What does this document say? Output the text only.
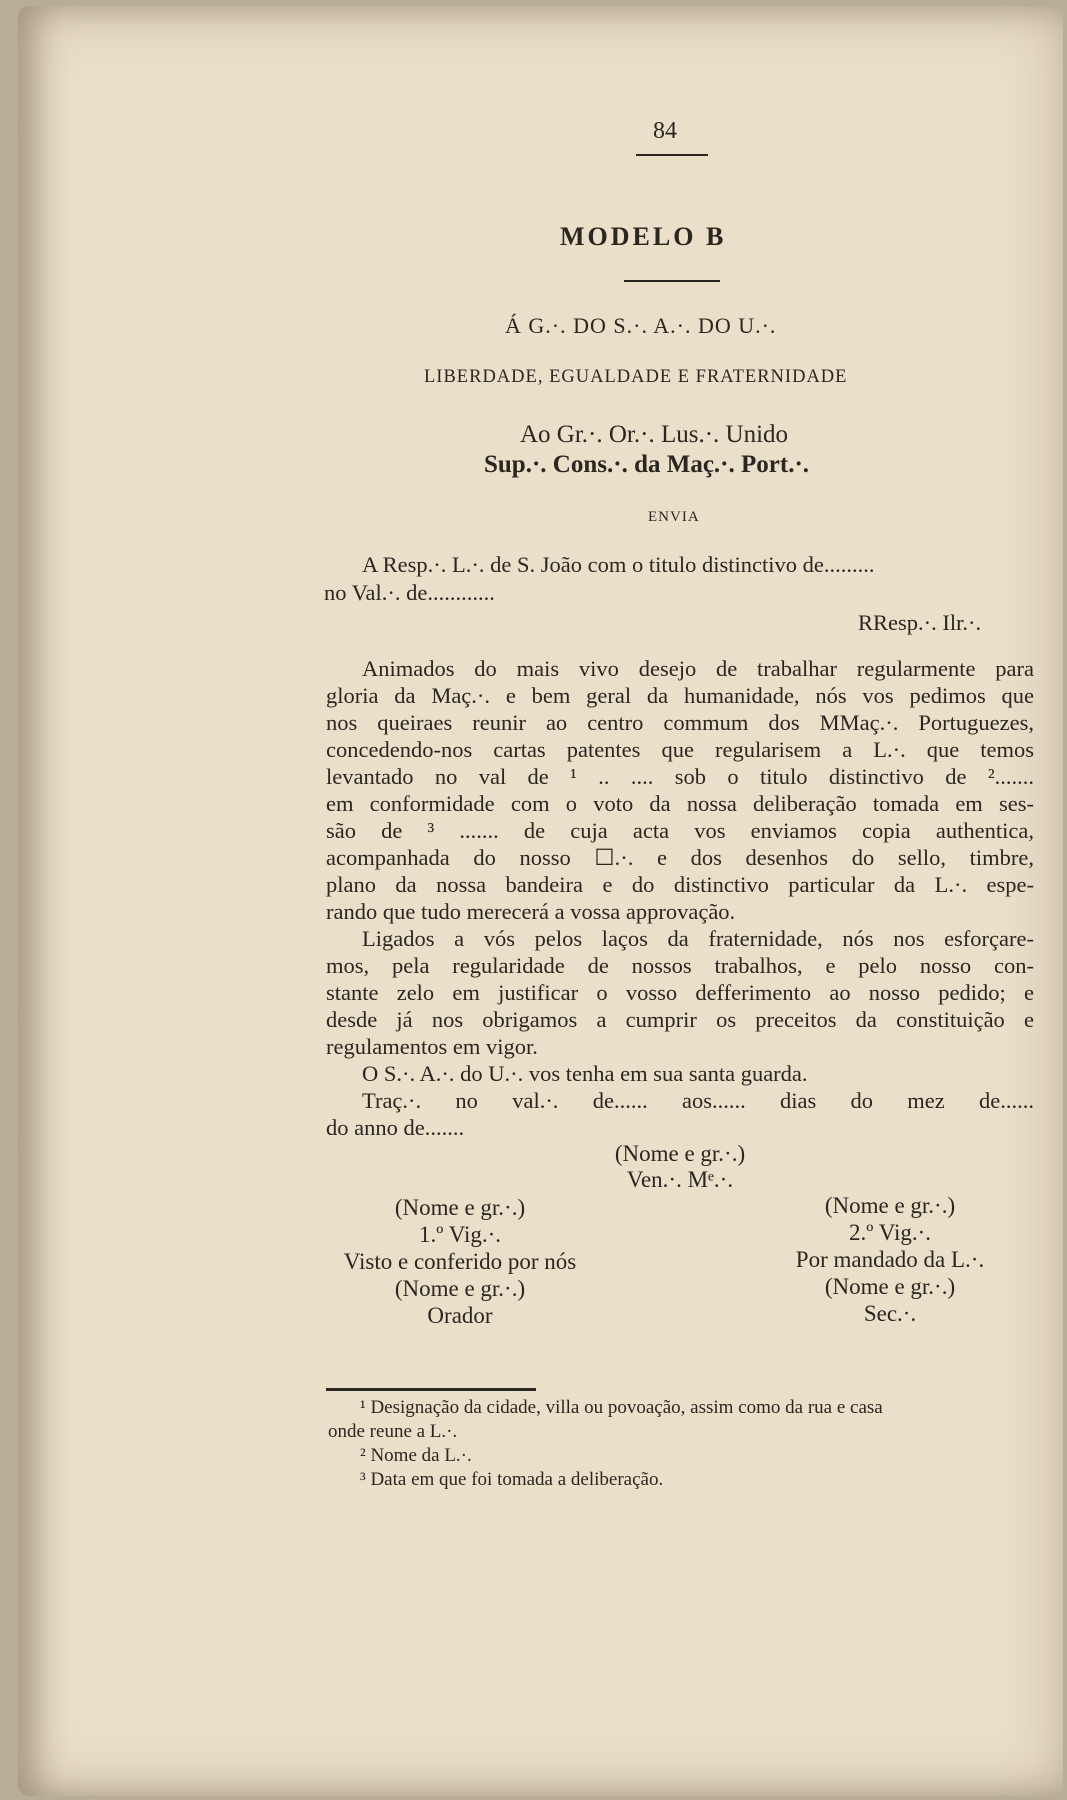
84
MODELO B
Á G.·. DO S.·. A.·. DO U.·.
LIBERDADE, EGUALDADE E FRATERNIDADE
Ao Gr.·. Or.·. Lus.·. Unido
Sup.·. Cons.·. da Maç.·. Port.·.
ENVIA
A Resp.·. L.·. de S. João com o titulo distinctivo de.........
no Val.·. de............
RResp.·. Ilr.·.
Animados do mais vivo desejo de trabalhar regularmente para
gloria da Maç.·. e bem geral da humanidade, nós vos pedimos que
nos queiraes reunir ao centro commum dos MMaç.·. Portuguezes,
concedendo-nos cartas patentes que regularisem a L.·. que temos
levantado no val de ¹ .. .... sob o titulo distinctivo de ².......
em conformidade com o voto da nossa deliberação tomada em ses-
são de ³ ....... de cuja acta vos enviamos copia authentica,
acompanhada do nosso ☐.·. e dos desenhos do sello, timbre,
plano da nossa bandeira e do distinctivo particular da L.·. espe-
rando que tudo merecerá a vossa approvação.
Ligados a vós pelos laços da fraternidade, nós nos esforçare-
mos, pela regularidade de nossos trabalhos, e pelo nosso con-
stante zelo em justificar o vosso defferimento ao nosso pedido; e
desde já nos obrigamos a cumprir os preceitos da constituição e
regulamentos em vigor.
O S.·. A.·. do U.·. vos tenha em sua santa guarda.
Traç.·. no val.·. de...... aos...... dias do mez de......
do anno de.......
(Nome e gr.·.)
Ven.·. Mᵉ.·.
(Nome e gr.·.)
1.º Vig.·.
Visto e conferido por nós
(Nome e gr.·.)
Orador
(Nome e gr.·.)
2.º Vig.·.
Por mandado da L.·.
(Nome e gr.·.)
Sec.·.
¹ Designação da cidade, villa ou povoação, assim como da rua e casa
onde reune a L.·.
² Nome da L.·.
³ Data em que foi tomada a deliberação.
